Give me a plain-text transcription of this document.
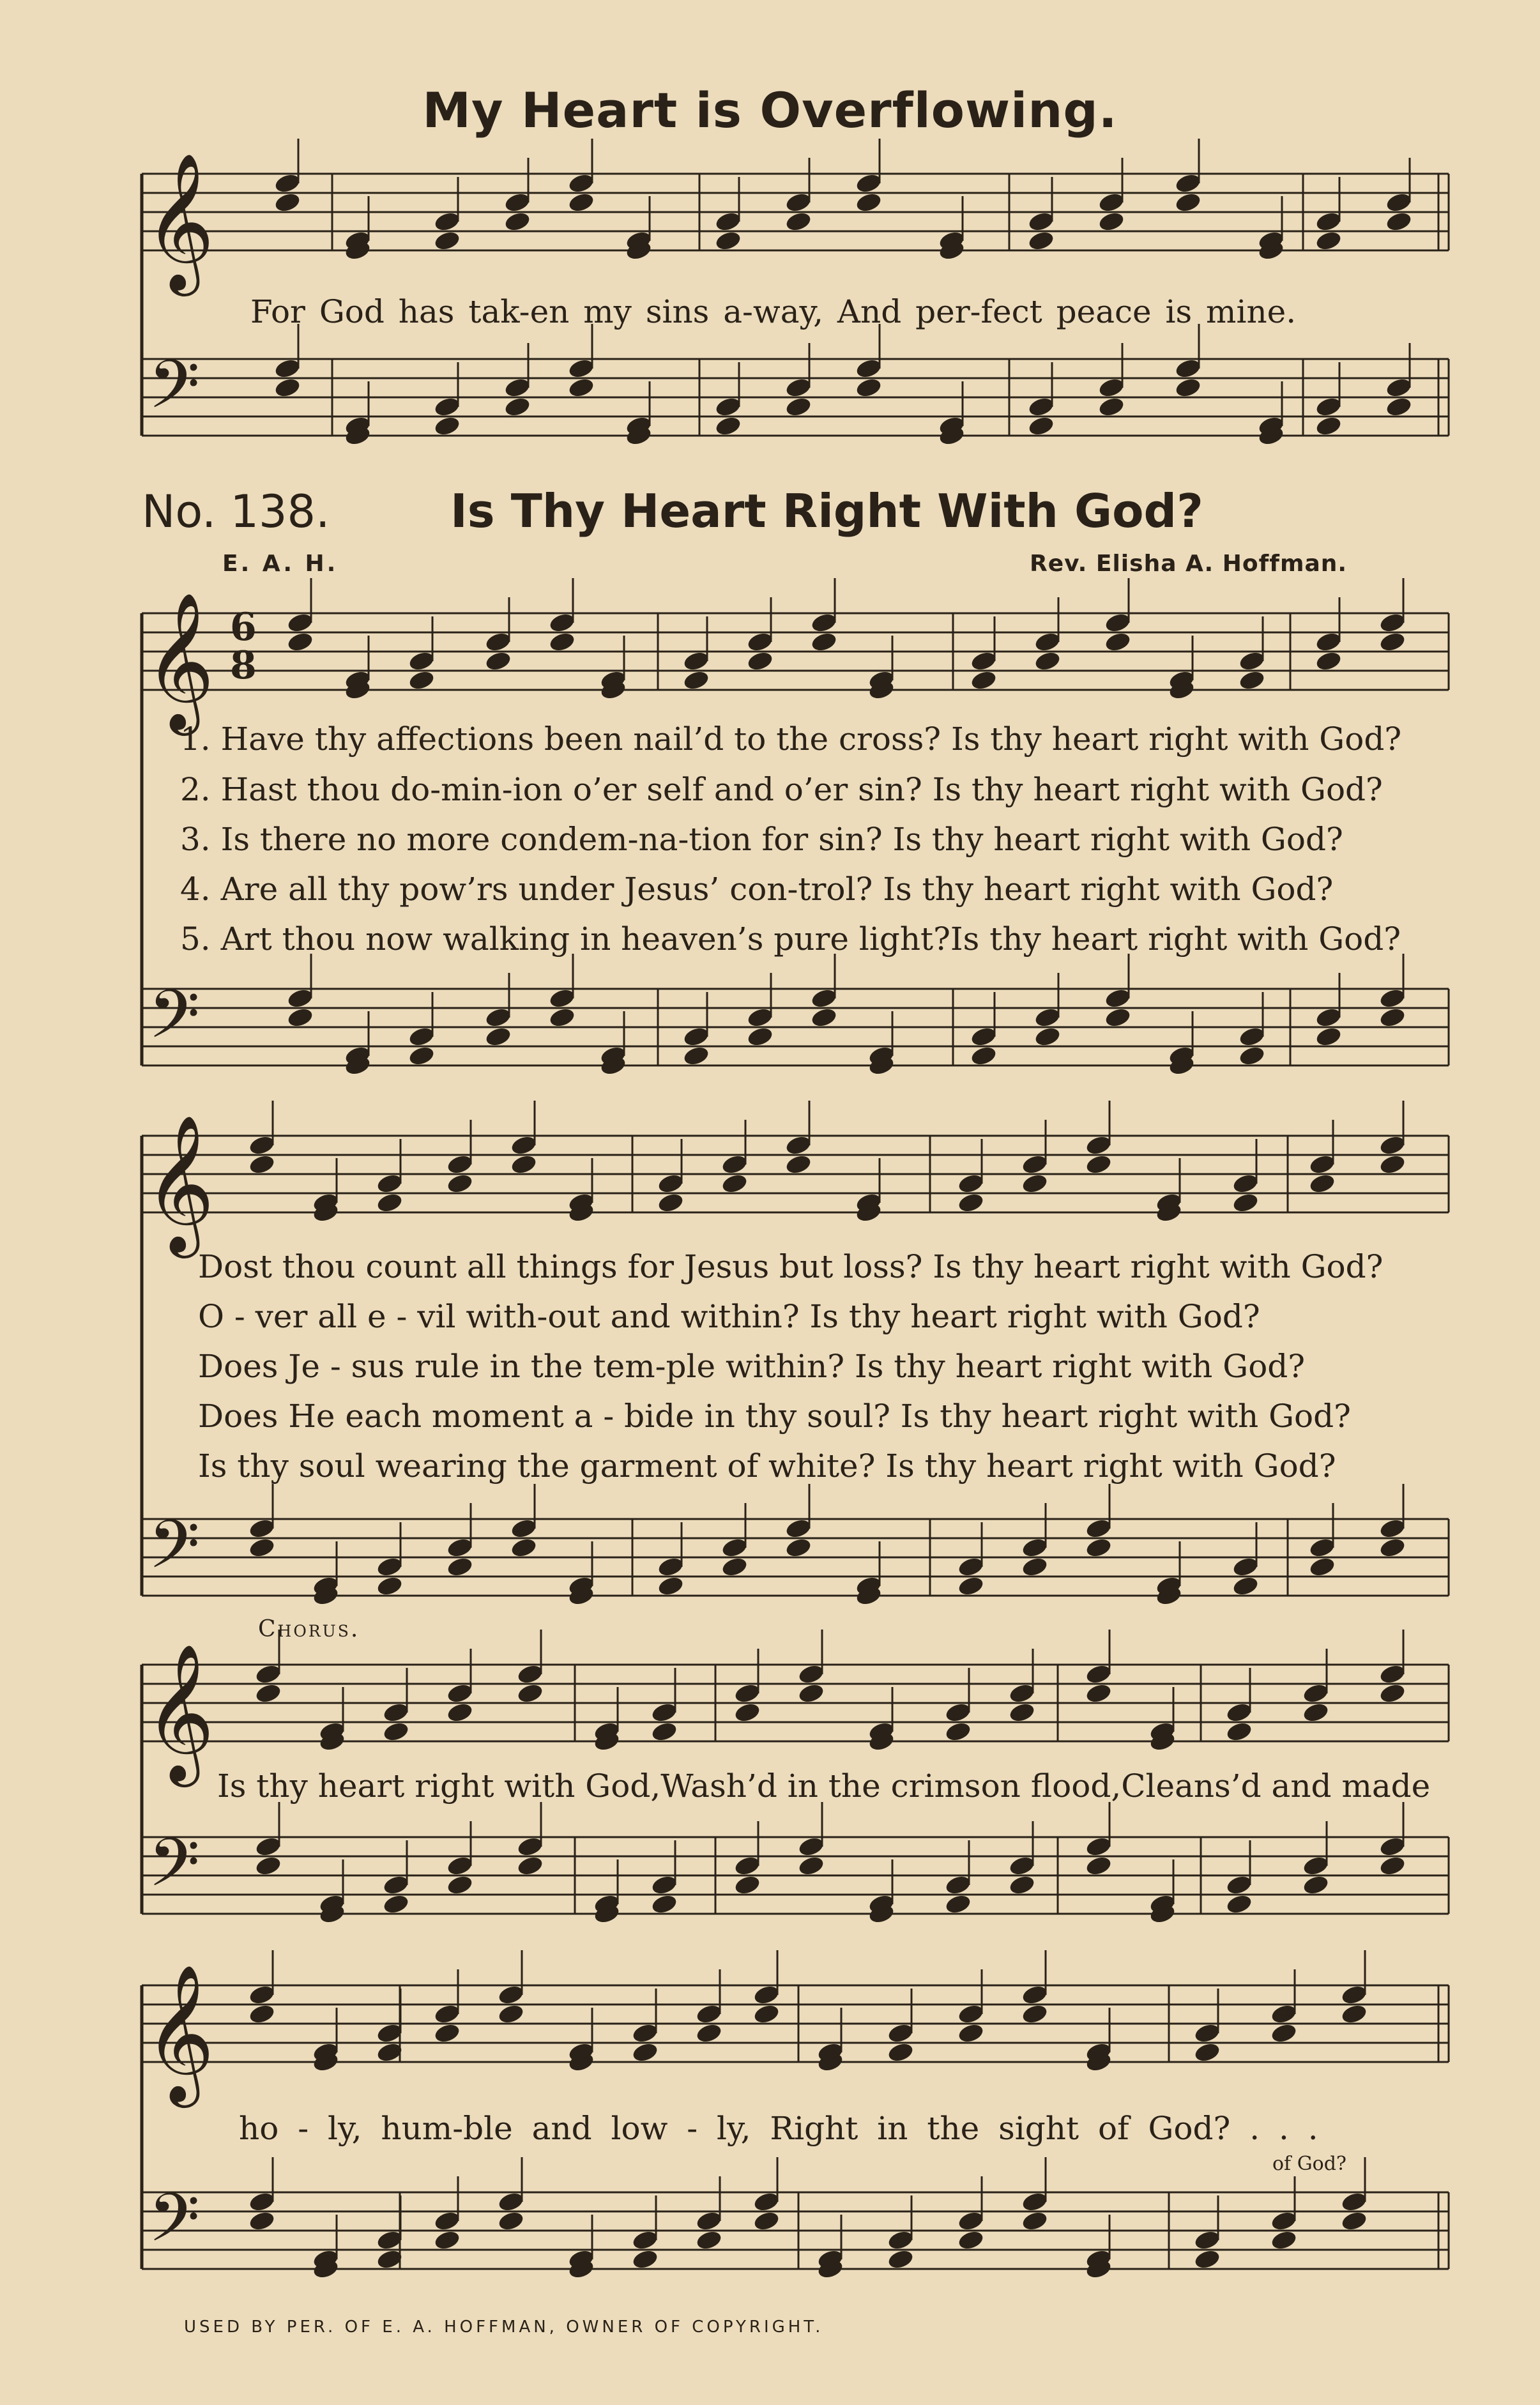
My Heart is Overflowing.
No. 138.	Is Thy Heart Right With God?
E. A. H.	Rev. Elisha A. Hoffman.
For God has tak-en my sins a-way, And per-fect peace is mine.
1. Have thy affections been nail’d to the cross? Is thy heart right with God?
2. Hast thou do-min-ion o’er self and o’er sin? Is thy heart right with God?
3. Is there no more condem-na-tion for sin? Is thy heart right with God?
4. Are all thy pow’rs under Jesus’ con-trol? Is thy heart right with God?
5. Art thou now walking in heaven’s pure light?Is thy heart right with God?
Dost thou count all things for Jesus but loss? Is thy heart right with God?
O - ver all e - vil with-out and within? Is thy heart right with God?
Does Je - sus rule in the tem-ple within? Is thy heart right with God?
Does He each moment a - bide in thy soul? Is thy heart right with God?
Is thy soul wearing the garment of white? Is thy heart right with God?
Chorus.
Is thy heart right with God,Wash’d in the crimson flood,Cleans’d and made
ho - ly, hum-ble and low - ly, Right in the sight of God? . . .
of God?
USED BY PER. OF E. A. HOFFMAN, OWNER OF COPYRIGHT.
𝄞
𝄢
𝄞
𝄢
𝄞
𝄢
𝄞
𝄢
𝄞
𝄢
6
8
